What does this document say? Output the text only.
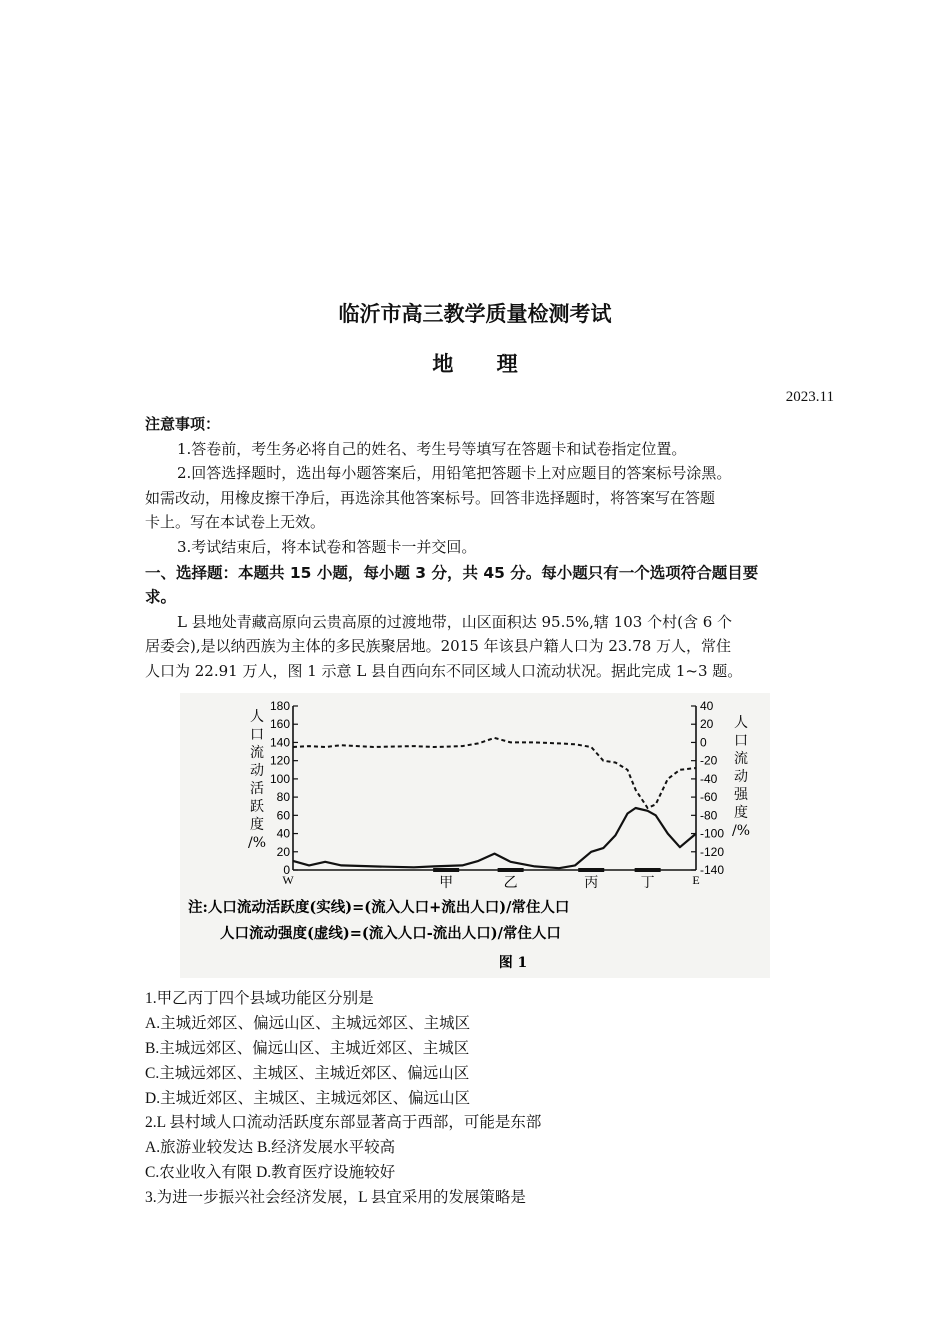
临沂市高三教学质量检测考试
地 理
2023.11
注意事项：
1.答卷前，考生务必将自己的姓名、考生号等填写在答题卡和试卷指定位置。
2.回答选择题时，选出每小题答案后，用铅笔把答题卡上对应题目的答案标号涂黑。
如需改动，用橡皮擦干净后，再选涂其他答案标号。回答非选择题时，将答案写在答题
卡上。写在本试卷上无效。
3.考试结束后，将本试卷和答题卡一并交回。
一、选择题：本题共 15 小题，每小题 3 分，共 45 分。每小题只有一个选项符合题目要
求。
L 县地处青藏高原向云贵高原的过渡地带，山区面积达 95.5%,辖 103 个村(含 6 个
居委会),是以纳西族为主体的多民族聚居地。2015 年该县户籍人口为 23.78 万人，常住
人口为 22.91 万人，图 1 示意 L 县自西向东不同区域人口流动状况。据此完成 1~3 题。
人
口
流
动
活
跃
度
/%
人
口
流
动
强
度
/%
0
20
40
60
80
100
120
140
160
180	40
20
0
-20
-40
-60
-80
-100
-120
-140
甲	乙	丙	丁
W	E
注:人口流动活跃度(实线)=(流入人口+流出人口)/常住人口
人口流动强度(虚线)=(流入人口-流出人口)/常住人口
图 1
1.甲乙丙丁四个县域功能区分别是
A.主城近郊区、偏远山区、主城远郊区、主城区
B.主城远郊区、偏远山区、主城近郊区、主城区
C.主城远郊区、主城区、主城近郊区、偏远山区
D.主城近郊区、主城区、主城远郊区、偏远山区
2.L 县村域人口流动活跃度东部显著高于西部，可能是东部
A.旅游业较发达 B.经济发展水平较高
C.农业收入有限 D.教育医疗设施较好
3.为进一步振兴社会经济发展，L 县宜采用的发展策略是
